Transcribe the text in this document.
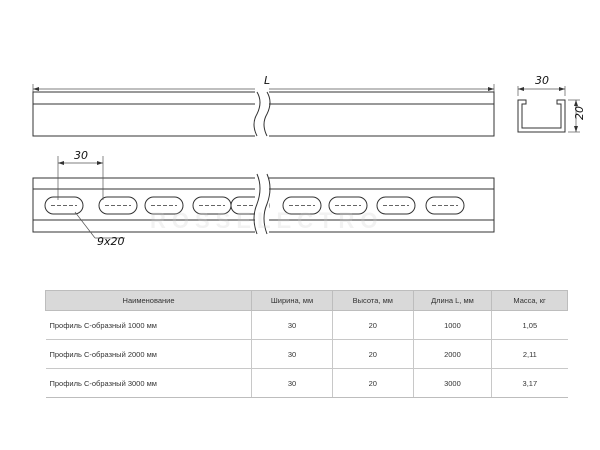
L	30
20
30
9x20
ROSSELECTRO
Наименование	Ширина, мм	Высота, мм	Длина L, мм	Масса, кг
Профиль С-образный 1000 мм	30	20	1000	1,05
Профиль С-образный 2000 мм	30	20	2000	2,11
Профиль С-образный 3000 мм	30	20	3000	3,17
